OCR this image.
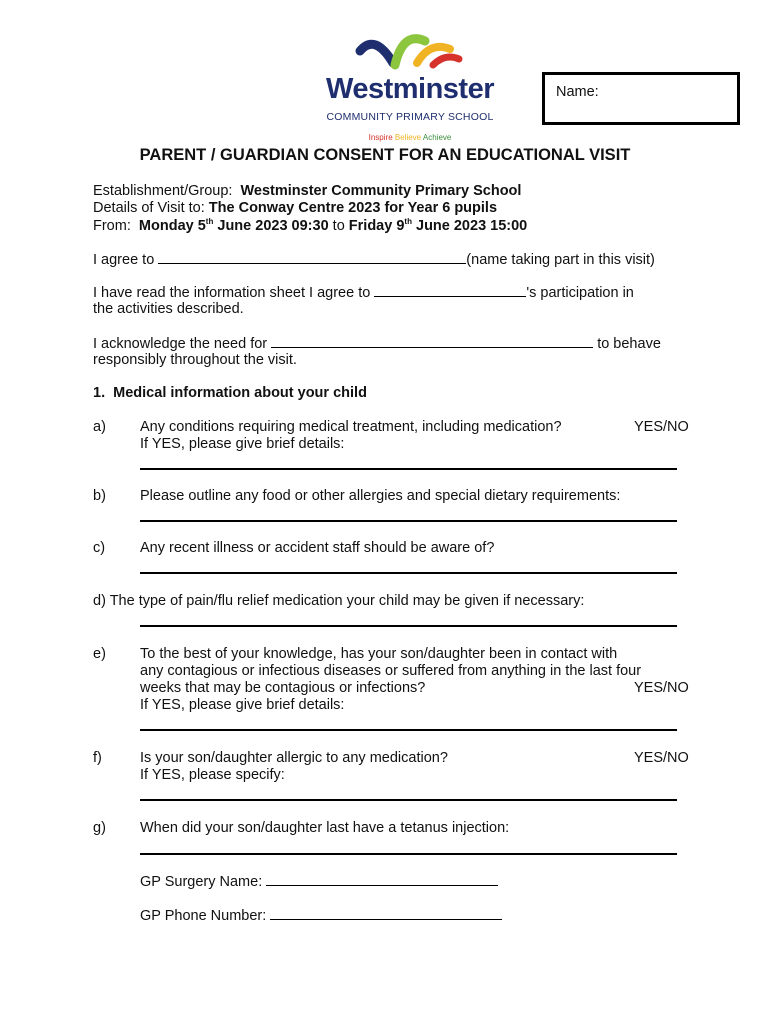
Westminster
COMMUNITY PRIMARY SCHOOL
Inspire Believe Achieve
Name:
PARENT / GUARDIAN CONSENT FOR AN EDUCATIONAL VISIT
Establishment/Group: Westminster Community Primary School
Details of Visit to: The Conway Centre 2023 for Year 6 pupils
From: Monday 5th June 2023 09:30 to Friday 9th June 2023 15:00
I agree to	(name taking part in this visit)
I have read the information sheet I agree to	's participation in
the activities described.
I acknowledge the need for	to behave
responsibly throughout the visit.
1. Medical information about your child
a) Any conditions requiring medical treatment, including medication?	YES/NO
If YES, please give brief details:
b) Please outline any food or other allergies and special dietary requirements:
c) Any recent illness or accident staff should be aware of?
d) The type of pain/flu relief medication your child may be given if necessary:
e) To the best of your knowledge, has your son/daughter been in contact with
any contagious or infectious diseases or suffered from anything in the last four
weeks that may be contagious or infections?	YES/NO
If YES, please give brief details:
f)	Is your son/daughter allergic to any medication?	YES/NO
If YES, please specify:
g) When did your son/daughter last have a tetanus injection:
GP Surgery Name:
GP Phone Number:
